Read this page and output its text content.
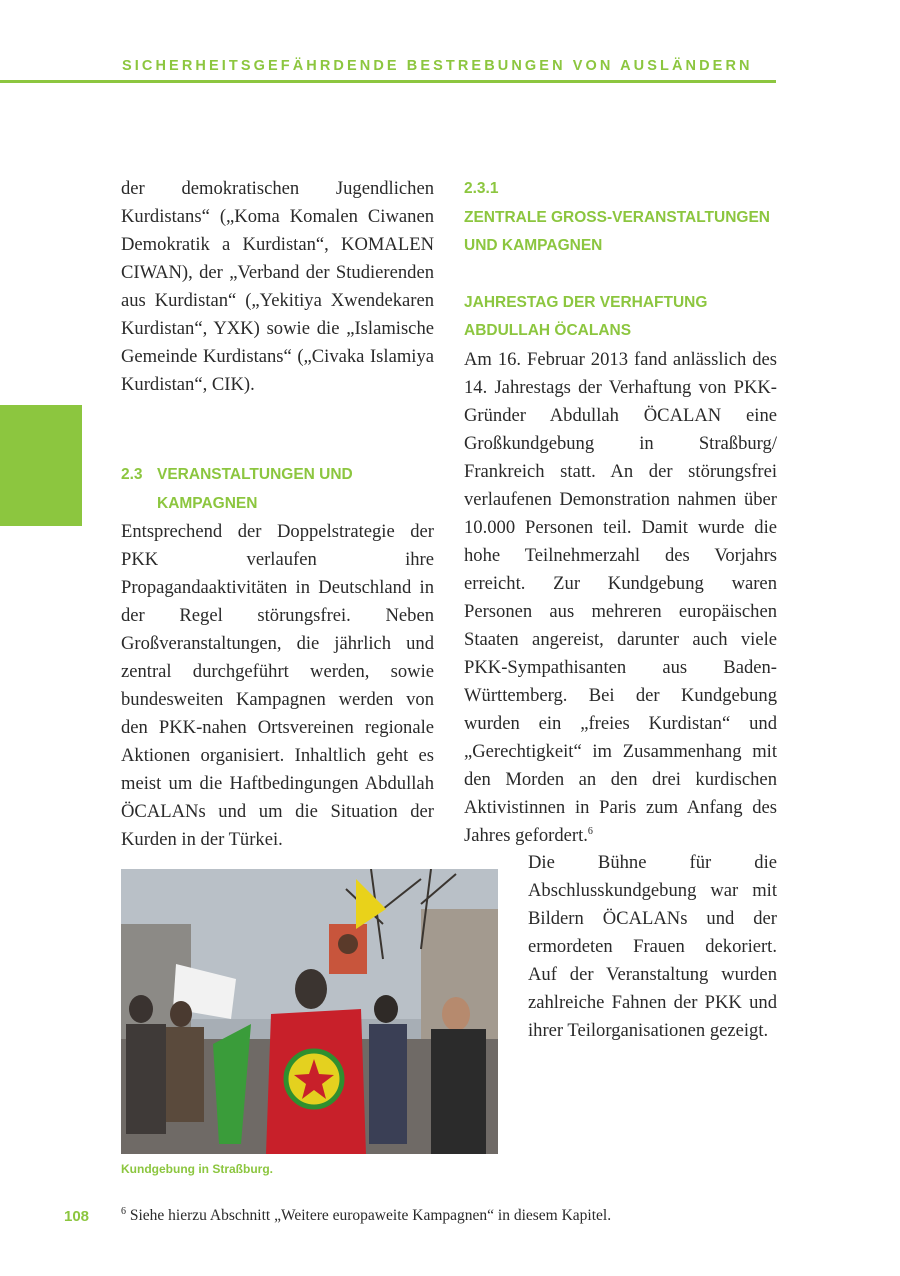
SICHERHEITSGEFÄHRDENDE BESTREBUNGEN VON AUSLÄNDERN

der demokratischen Jugendlichen Kurdistans“ („Koma Komalen Ciwanen Demokratik a Kurdistan“, KOMALEN CIWAN), der „Verband der Studierenden aus Kurdistan“ („Yekitiya Xwendekaren Kurdistan“, YXK) sowie die „Islamische Gemeinde Kurdistans“ („Civaka Islamiya Kurdistan“, CIK).

2.3 VERANSTALTUNGEN UND KAMPAGNEN

Entsprechend der Doppelstrategie der PKK verlaufen ihre Propagandaaktivitäten in Deutschland in der Regel störungsfrei. Neben Großveranstaltungen, die jährlich und zentral durchgeführt werden, sowie bundesweiten Kampagnen werden von den PKK-nahen Ortsvereinen regionale Aktionen organisiert. Inhaltlich geht es meist um die Haftbedingungen Abdullah ÖCALANs und um die Situation der Kurden in der Türkei.

2.3.1
ZENTRALE GROSS-VERANSTALTUNGEN UND KAMPAGNEN
JAHRESTAG DER VERHAFTUNG ABDULLAH ÖCALANS

Am 16. Februar 2013 fand anlässlich des 14. Jahrestags der Verhaftung von PKK-Gründer Abdullah ÖCALAN eine Großkundgebung in Straßburg/ Frankreich statt. An der störungsfrei verlaufenen Demonstration nahmen über 10.000 Personen teil. Damit wurde die hohe Teilnehmerzahl des Vorjahrs erreicht. Zur Kundgebung waren Personen aus mehreren europäischen Staaten angereist, darunter auch viele PKK-Sympathisanten aus Baden-Württemberg. Bei der Kundgebung wurden ein „freies Kurdistan“ und „Gerechtigkeit“ im Zusammenhang mit den Morden an den drei kurdischen Aktivistinnen in Paris zum Anfang des Jahres gefordert.$^6$

Die Bühne für die Abschlusskundgebung war mit Bildern ÖCALANs und der ermordeten Frauen dekoriert. Auf der Veranstaltung wurden zahlreiche Fahnen der PKK und ihrer Teilorganisationen gezeigt.

Kundgebung in Straßburg.
108	$^6$ Siehe hierzu Abschnitt „Weitere europaweite Kampagnen“ in diesem Kapitel.
